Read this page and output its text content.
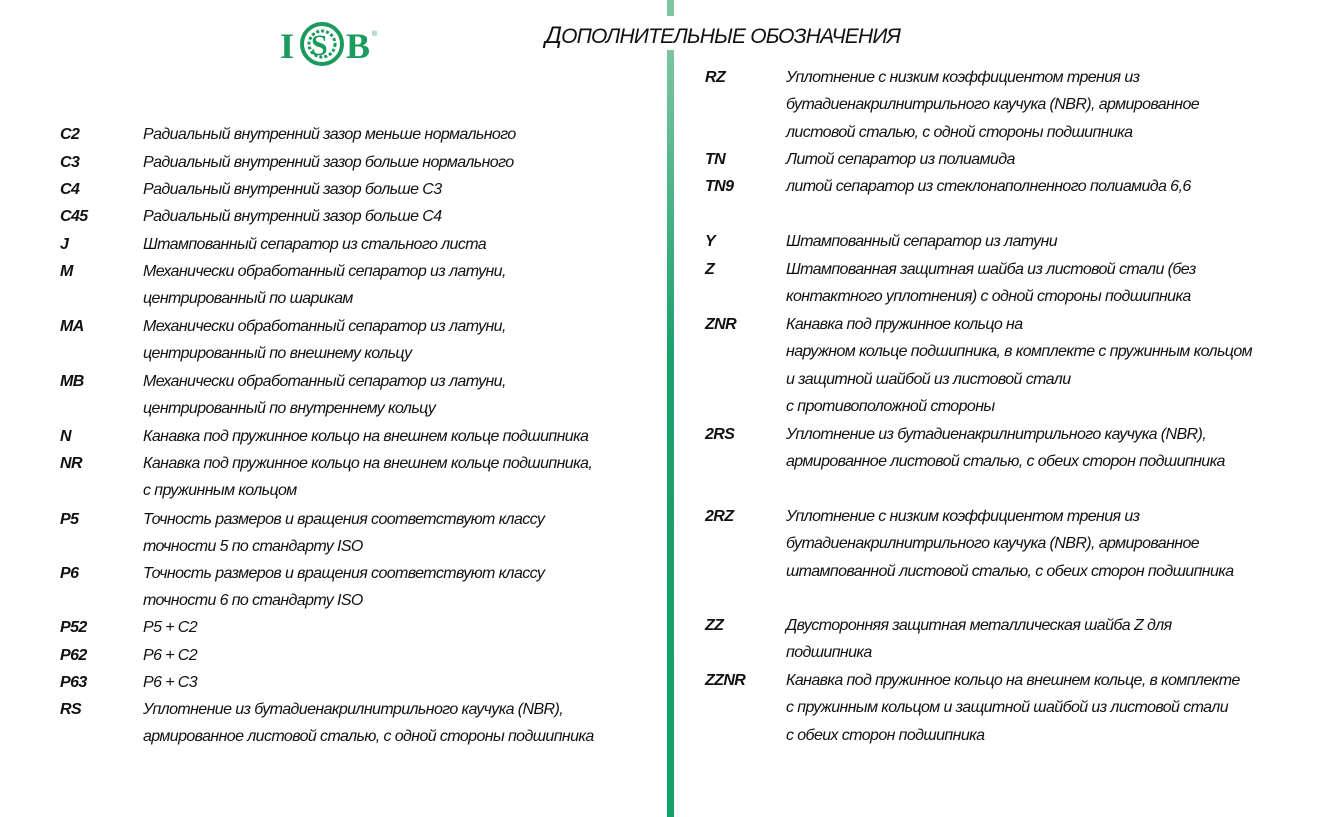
I S B ®	ДОПОЛНИТЕЛЬНЫЕ ОБОЗНАЧЕНИЯ
C2	Радиальный внутренний зазор меньше нормального
C3	Радиальный внутренний зазор больше нормального
C4	Радиальный внутренний зазор больше C3
C45	Радиальный внутренний зазор больше C4
J	Штампованный сепаратор из стального листа
M	Механически обработанный сепаратор из латуни,
центрированный по шарикам
MA	Механически обработанный сепаратор из латуни,
центрированный по внешнему кольцу
MB	Механически обработанный сепаратор из латуни,
центрированный по внутреннему кольцу
N	Канавка под пружинное кольцо на внешнем кольце подшипника
NR	Канавка под пружинное кольцо на внешнем кольце подшипника,
с пружинным кольцом
P5	Точность размеров и вращения соответствуют классу
точности 5 по стандарту ISO
P6	Точность размеров и вращения соответствуют классу
точности 6 по стандарту ISO
P52	P5 + C2
P62	P6 + C2
P63	P6 + C3
RS	Уплотнение из бутадиенакрилнитрильного каучука (NBR),
армированное листовой сталью, с одной стороны подшипника
RZ	Уплотнение с низким коэффициентом трения из
бутадиенакрилнитрильного каучука (NBR), армированное
листовой сталью, с одной стороны подшипника
TN	Литой сепаратор из полиамида
TN9	литой сепаратор из стеклонаполненного полиамида 6,6
Y	Штампованный сепаратор из латуни
Z	Штампованная защитная шайба из листовой стали (без
контактного уплотнения) с одной стороны подшипника
ZNR	Канавка под пружинное кольцо на
наружном кольце подшипника, в комплекте с пружинным кольцом
и защитной шайбой из листовой стали
с противоположной стороны
2RS	Уплотнение из бутадиенакрилнитрильного каучука (NBR),
армированное листовой сталью, с обеих сторон подшипника
2RZ	Уплотнение с низким коэффициентом трения из
бутадиенакрилнитрильного каучука (NBR), армированное
штампованной листовой сталью, с обеих сторон подшипника
ZZ	Двусторонняя защитная металлическая шайба Z для
подшипника
ZZNR	Канавка под пружинное кольцо на внешнем кольце, в комплекте
с пружинным кольцом и защитной шайбой из листовой стали
с обеих сторон подшипника
